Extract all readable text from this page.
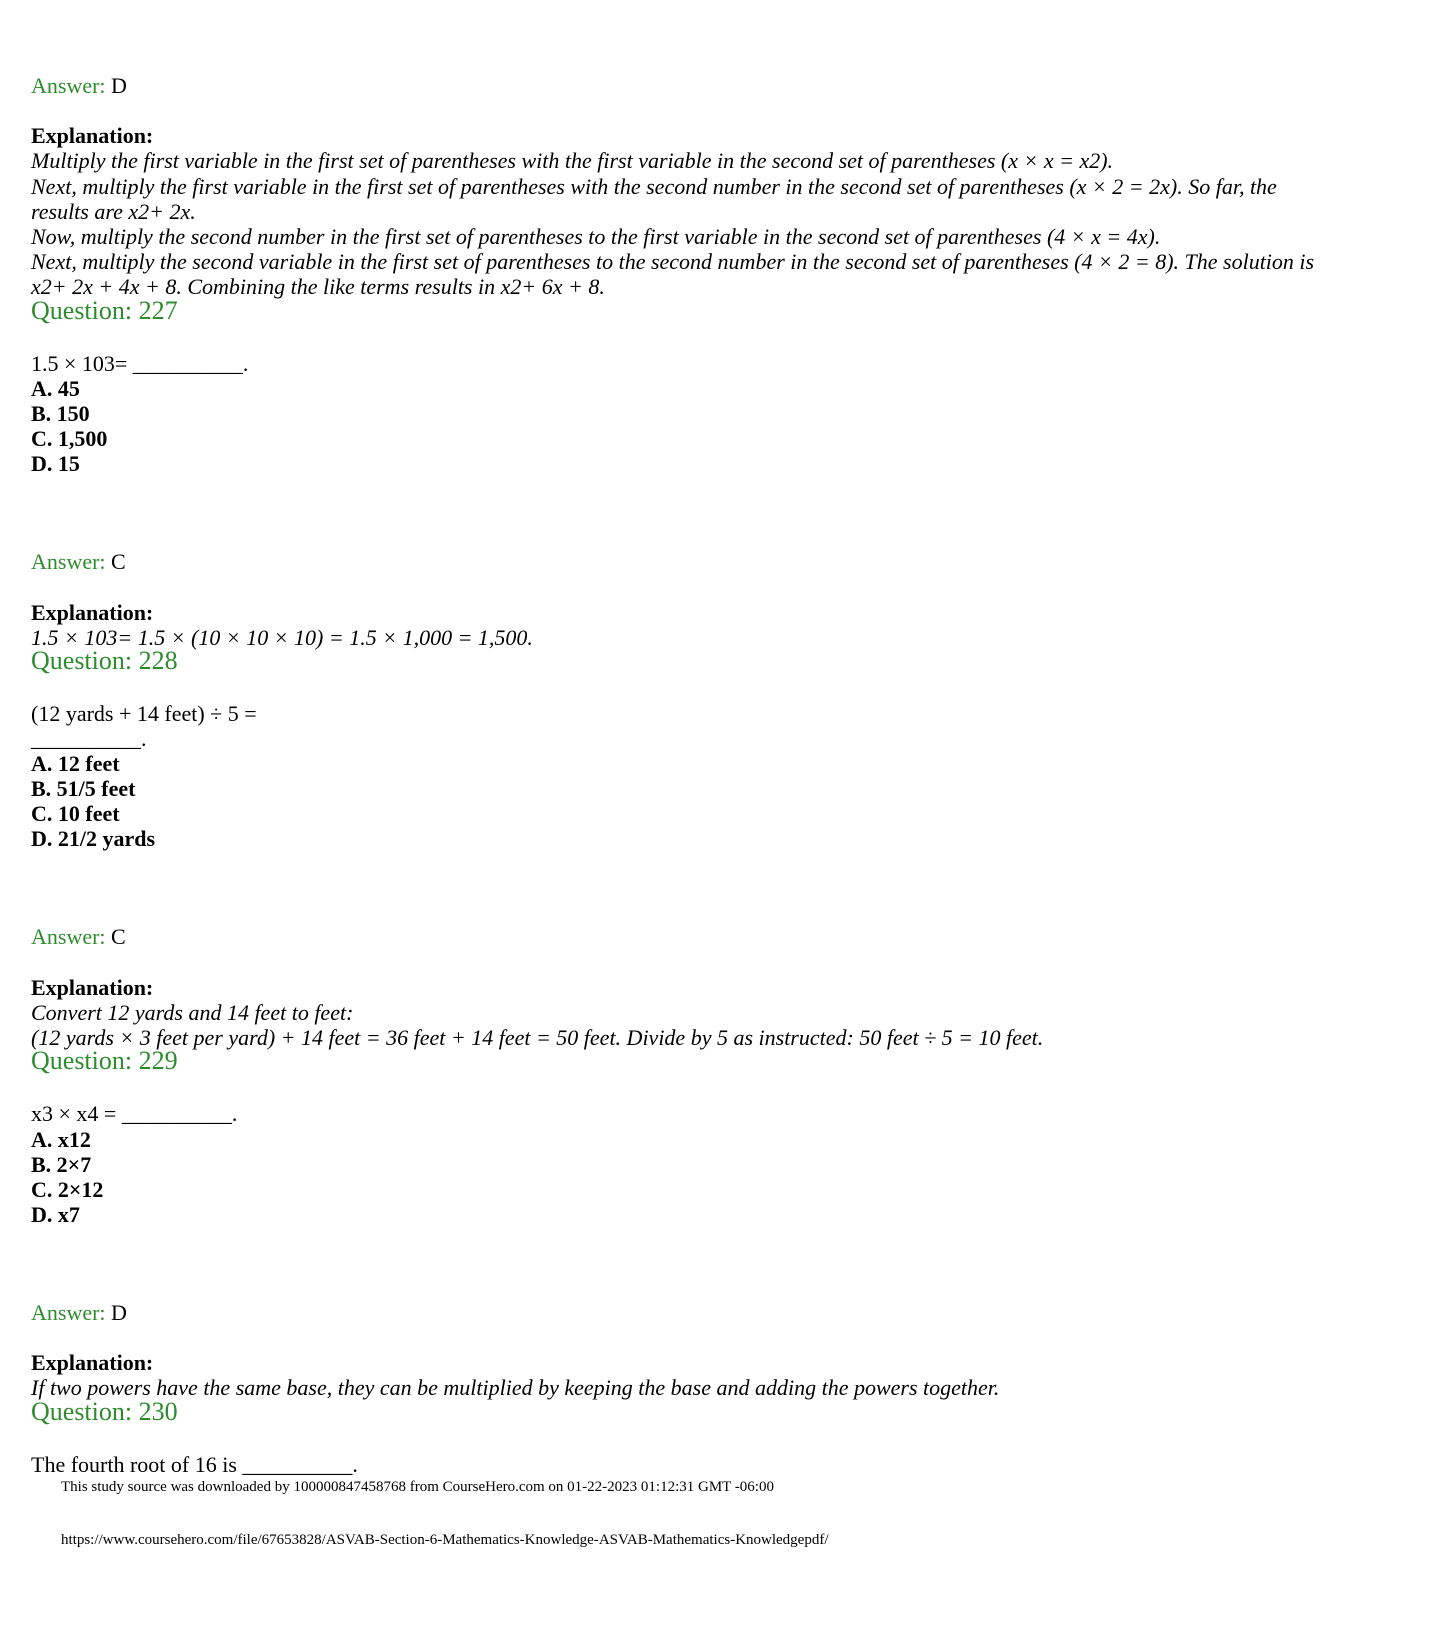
Answer: D
Explanation:
Multiply the first variable in the first set of parentheses with the first variable in the second set of parentheses (x × x = x2).
Next, multiply the first variable in the first set of parentheses with the second number in the second set of parentheses (x × 2 = 2x). So far, the
results are x2+ 2x.
Now, multiply the second number in the first set of parentheses to the first variable in the second set of parentheses (4 × x = 4x).
Next, multiply the second variable in the first set of parentheses to the second number in the second set of parentheses (4 × 2 = 8). The solution is
x2+ 2x + 4x + 8. Combining the like terms results in x2+ 6x + 8.
Question: 227
1.5 × 103= __________.
A. 45
B. 150
C. 1,500
D. 15
Answer: C
Explanation:
1.5 × 103= 1.5 × (10 × 10 × 10) = 1.5 × 1,000 = 1,500.
Question: 228
(12 yards + 14 feet) ÷ 5 =
__________.
A. 12 feet
B. 51/5 feet
C. 10 feet
D. 21/2 yards
Answer: C
Explanation:
Convert 12 yards and 14 feet to feet:
(12 yards × 3 feet per yard) + 14 feet = 36 feet + 14 feet = 50 feet. Divide by 5 as instructed: 50 feet ÷ 5 = 10 feet.
Question: 229
x3 × x4 = __________.
A. x12
B. 2×7
C. 2×12
D. x7
Answer: D
Explanation:
If two powers have the same base, they can be multiplied by keeping the base and adding the powers together.
Question: 230
The fourth root of 16 is __________.
This study source was downloaded by 100000847458768 from CourseHero.com on 01-22-2023 01:12:31 GMT -06:00
https://www.coursehero.com/file/67653828/ASVAB-Section-6-Mathematics-Knowledge-ASVAB-Mathematics-Knowledgepdf/
